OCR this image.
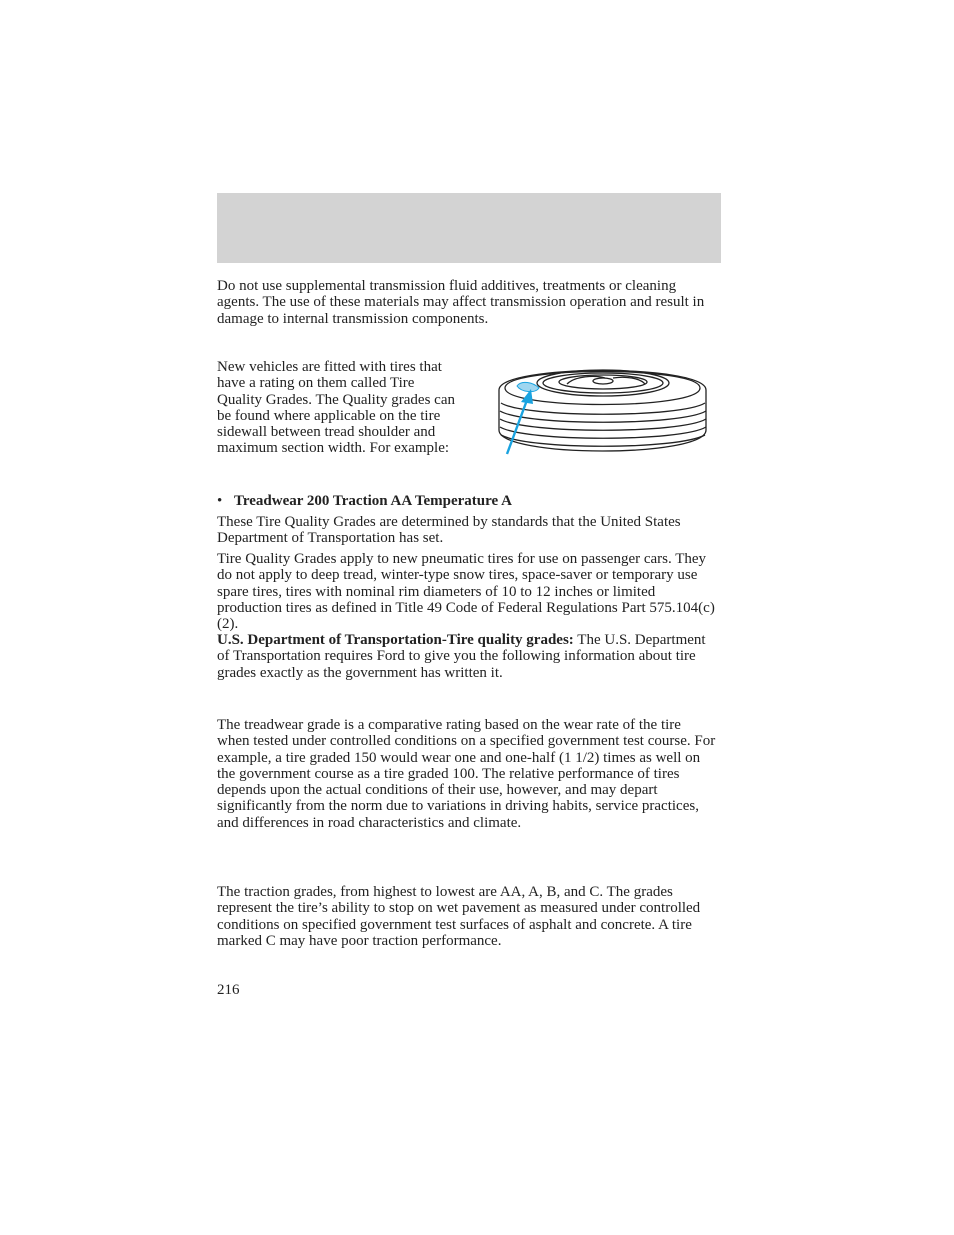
Do not use supplemental transmission fluid additives, treatments or cleaning agents. The use of these materials may affect transmission operation and result in damage to internal transmission components.

New vehicles are fitted with tires that have a rating on them called Tire Quality Grades. The Quality grades can be found where applicable on the tire sidewall between tread shoulder and maximum section width. For example:

• Treadwear 200 Traction AA Temperature A

These Tire Quality Grades are determined by standards that the United States Department of Transportation has set.

Tire Quality Grades apply to new pneumatic tires for use on passenger cars. They do not apply to deep tread, winter-type snow tires, space-saver or temporary use spare tires, tires with nominal rim diameters of 10 to 12 inches or limited production tires as defined in Title 49 Code of Federal Regulations Part 575.104(c)(2).

U.S. Department of Transportation-Tire quality grades: The U.S. Department of Transportation requires Ford to give you the following information about tire grades exactly as the government has written it.

The treadwear grade is a comparative rating based on the wear rate of the tire when tested under controlled conditions on a specified government test course. For example, a tire graded 150 would wear one and one-half (1 1/2) times as well on the government course as a tire graded 100. The relative performance of tires depends upon the actual conditions of their use, however, and may depart significantly from the norm due to variations in driving habits, service practices, and differences in road characteristics and climate.

The traction grades, from highest to lowest are AA, A, B, and C. The grades represent the tire’s ability to stop on wet pavement as measured under controlled conditions on specified government test surfaces of asphalt and concrete. A tire marked C may have poor traction performance.

216
